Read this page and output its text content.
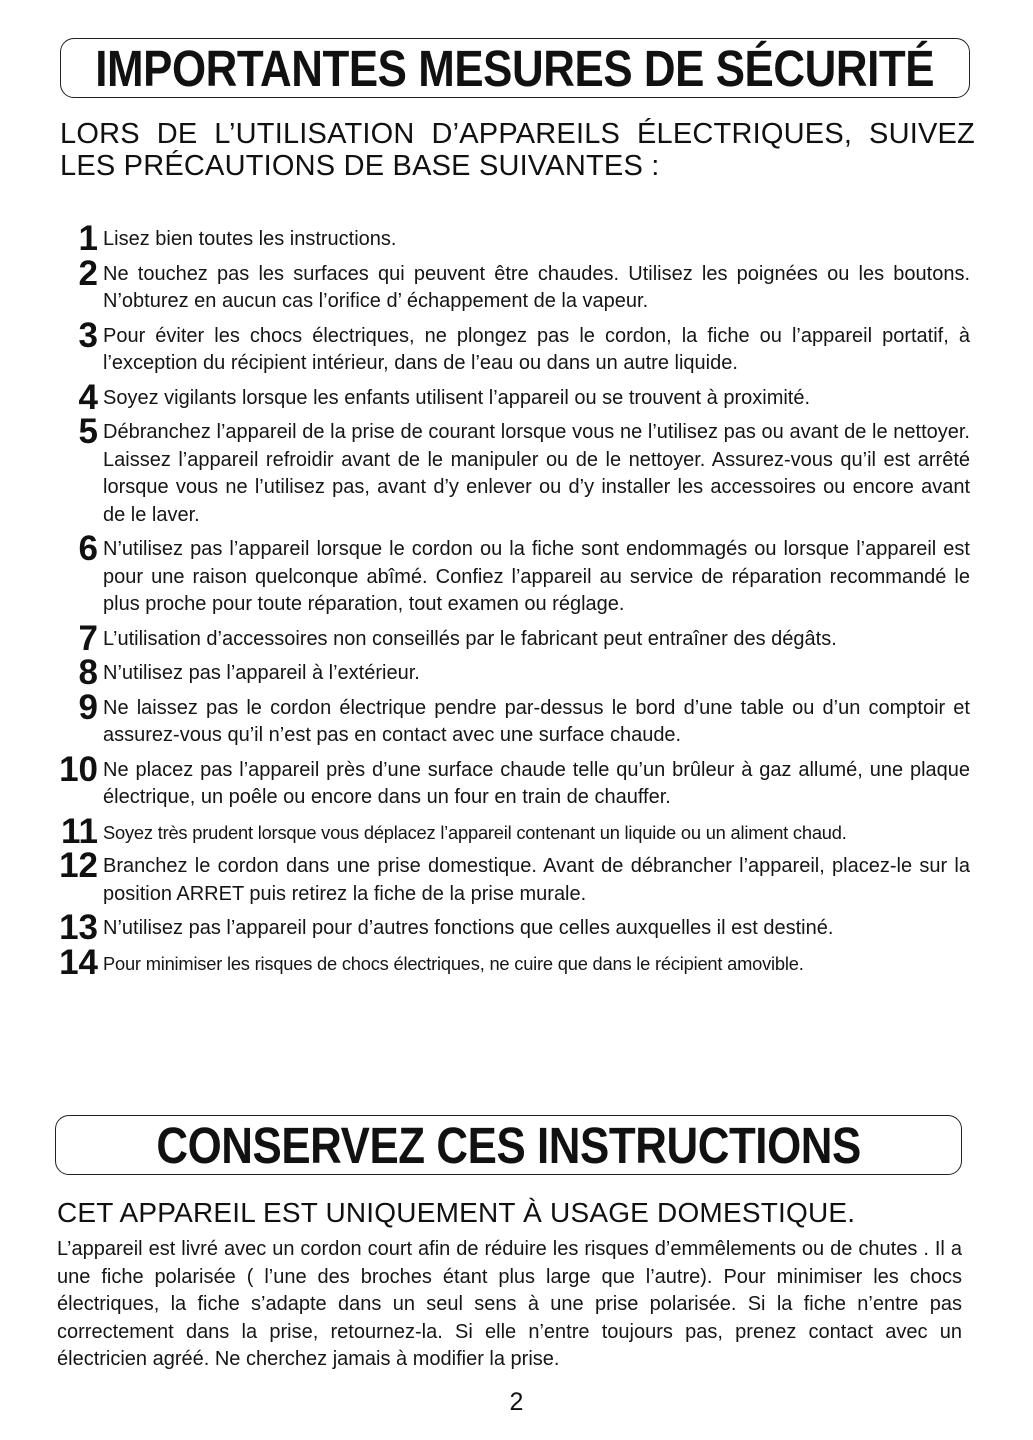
IMPORTANTES MESURES DE SÉCURITÉ
LORS DE L’UTILISATION D’APPAREILS ÉLECTRIQUES, SUIVEZ
LES PRÉCAUTIONS DE BASE SUIVANTES :
1 Lisez bien toutes les instructions.
2 Ne touchez pas les surfaces qui peuvent être chaudes. Utilisez les poignées ou les boutons. N’obturez en aucun cas l’orifice d’ échappement de la vapeur.
3 Pour éviter les chocs électriques, ne plongez pas le cordon, la fiche ou l’appareil portatif, à l’exception du récipient intérieur, dans de l’eau ou dans un autre liquide.
4 Soyez vigilants lorsque les enfants utilisent l’appareil ou se trouvent à proximité.
5 Débranchez l’appareil de la prise de courant lorsque vous ne l’utilisez pas ou avant de le nettoyer. Laissez l’appareil refroidir avant de le manipuler ou de le nettoyer. Assurez-vous qu’il est arrêté lorsque vous ne l’utilisez pas, avant d’y enlever ou d’y installer les accessoires ou encore avant de le laver.
6 N’utilisez pas l’appareil lorsque le cordon ou la fiche sont endommagés ou lorsque l’appareil est pour une raison quelconque abîmé. Confiez l’appareil au service de réparation recommandé le plus proche pour toute réparation, tout examen ou réglage.
7 L’utilisation d’accessoires non conseillés par le fabricant peut entraîner des dégâts.
8 N’utilisez pas l’appareil à l’extérieur.
9 Ne laissez pas le cordon électrique pendre par-dessus le bord d’une table ou d’un comptoir et assurez-vous qu’il n’est pas en contact avec une surface chaude.
10 Ne placez pas l’appareil près d’une surface chaude telle qu’un brûleur à gaz allumé, une plaque électrique, un poêle ou encore dans un four en train de chauffer.
11 Soyez très prudent lorsque vous déplacez l’appareil contenant un liquide ou un aliment chaud.
12 Branchez le cordon dans une prise domestique. Avant de débrancher l’appareil, placez-le sur la position ARRET puis retirez la fiche de la prise murale.
13 N’utilisez pas l’appareil pour d’autres fonctions que celles auxquelles il est destiné.
14 Pour minimiser les risques de chocs électriques, ne cuire que dans le récipient amovible.
CONSERVEZ CES INSTRUCTIONS
CET APPAREIL EST UNIQUEMENT À USAGE DOMESTIQUE.
L’appareil est livré avec un cordon court afin de réduire les risques d’emmêlements ou de chutes . Il a une fiche polarisée ( l’une des broches étant plus large que l’autre). Pour minimiser les chocs électriques, la fiche s’adapte dans un seul sens à une prise polarisée. Si la fiche n’entre pas correctement dans la prise, retournez-la. Si elle n’entre toujours pas, prenez contact avec un électricien agréé. Ne cherchez jamais à modifier la prise.
2
